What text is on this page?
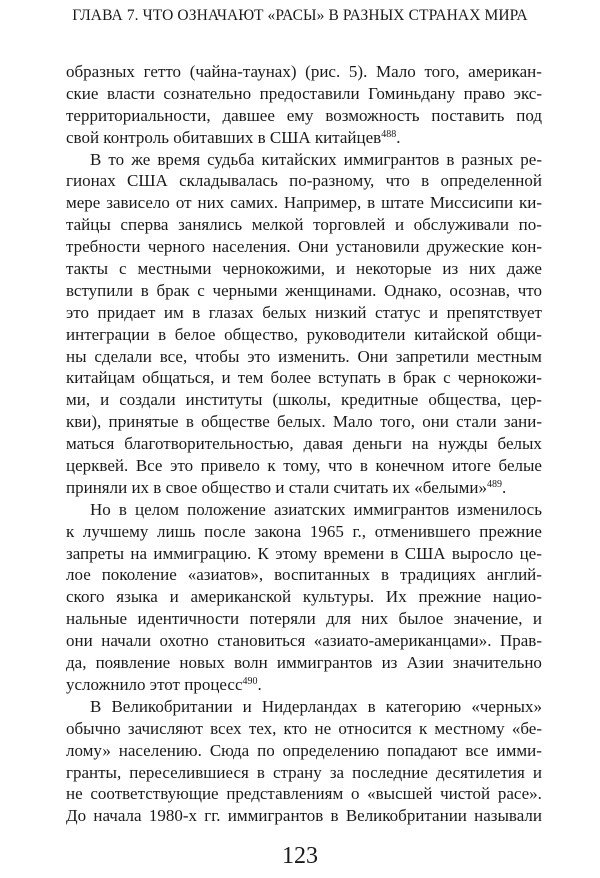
ГЛАВА 7. ЧТО ОЗНАЧАЮТ «РАСЫ» В РАЗНЫХ СТРАНАХ МИРА
образных гетто (чайна-таунах) (рис. 5). Мало того, американ-
ские власти сознательно предоставили Гоминьдану право экс-
территориальности, давшее ему возможность поставить под
свой контроль обитавших в США китайцев$^{488}$.
В то же время судьба китайских иммигрантов в разных ре-
гионах США складывалась по-разному, что в определенной
мере зависело от них самих. Например, в штате Миссисипи ки-
тайцы сперва занялись мелкой торговлей и обслуживали по-
требности черного населения. Они установили дружеские кон-
такты с местными чернокожими, и некоторые из них даже
вступили в брак с черными женщинами. Однако, осознав, что
это придает им в глазах белых низкий статус и препятствует
интеграции в белое общество, руководители китайской общи-
ны сделали все, чтобы это изменить. Они запретили местным
китайцам общаться, и тем более вступать в брак с чернокожи-
ми, и создали институты (школы, кредитные общества, цер-
кви), принятые в обществе белых. Мало того, они стали зани-
маться благотворительностью, давая деньги на нужды белых
церквей. Все это привело к тому, что в конечном итоге белые
приняли их в свое общество и стали считать их «белыми»$^{489}$.
Но в целом положение азиатских иммигрантов изменилось
к лучшему лишь после закона 1965 г., отменившего прежние
запреты на иммиграцию. К этому времени в США выросло це-
лое поколение «азиатов», воспитанных в традициях англий-
ского языка и американской культуры. Их прежние нацио-
нальные идентичности потеряли для них былое значение, и
они начали охотно становиться «азиато-американцами». Прав-
да, появление новых волн иммигрантов из Азии значительно
усложнило этот процесс$^{490}$.
В Великобритании и Нидерландах в категорию «черных»
обычно зачисляют всех тех, кто не относится к местному «бе-
лому» населению. Сюда по определению попадают все имми-
гранты, переселившиеся в страну за последние десятилетия и
не соответствующие представлениям о «высшей чистой расе».
До начала 1980-х гг. иммигрантов в Великобритании называли
123
